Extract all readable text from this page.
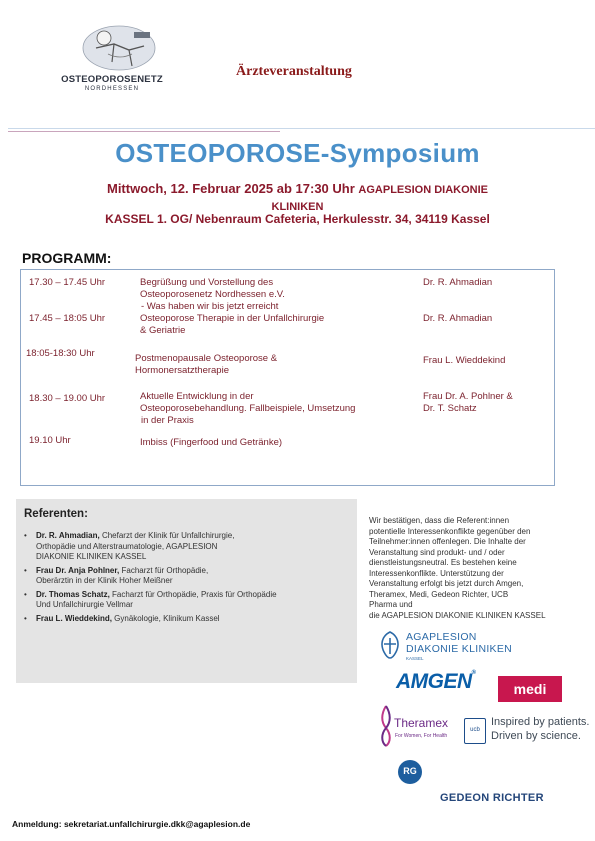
OSTEOPOROSENETZ
NORDHESSEN
Ärzteveranstaltung
OSTEOPOROSE-Symposium
Mittwoch, 12. Februar 2025 ab 17:30 Uhr AGAPLESION DIAKONIE
KLINIKEN
KASSEL 1. OG/ Nebenraum Cafeteria, Herkulesstr. 34, 34119 Kassel
PROGRAMM:
17.30 – 17.45 Uhr	Begrüßung und Vorstellung des
Osteoporosenetz Nordhessen e.V.
- Was haben wir bis jetzt erreicht
Dr. R. Ahmadian
17.45 – 18:05 Uhr	Osteoporose Therapie in der Unfallchirurgie
& Geriatrie
Dr. R. Ahmadian
18:05-18:30 Uhr	Postmenopausale Osteoporose &
Hormonersatztherapie
Frau L. Wieddekind
18.30 – 19.00 Uhr	Aktuelle Entwicklung in der
Osteoporosebehandlung. Fallbeispiele, Umsetzung
in der Praxis
Frau Dr. A. Pohlner &
Dr. T. Schatz
19.10 Uhr	Imbiss (Fingerfood und Getränke)
Referenten:
• Dr. R. Ahmadian, Chefarzt der Klinik für Unfallchirurgie,
Orthopädie und Alterstraumatologie, AGAPLESION
DIAKONIE KLINIKEN KASSEL
• Frau Dr. Anja Pohlner, Facharzt für Orthopädie,
Oberärztin in der Klinik Hoher Meißner
• Dr. Thomas Schatz, Facharzt für Orthopädie, Praxis für Orthopädie
Und Unfallchirurgie Vellmar
• Frau L. Wieddekind, Gynäkologie, Klinikum Kassel
Wir bestätigen, dass die Referent:innen
potentielle Interessenkonflikte gegenüber den
Teilnehmer:innen offenlegen. Die Inhalte der
Veranstaltung sind produkt- und / oder
dienstleistungsneutral. Es bestehen keine
Interessenkonflikte. Unterstützung der
Veranstaltung erfolgt bis jetzt durch Amgen,
Theramex, Medi, Gedeon Richter, UCB
Pharma und
die AGAPLESION DIAKONIE KLINIKEN KASSEL
AGAPLESION
DIAKONIE KLINIKEN
KASSEL
AMGEN®
medi
Theramex
For Women, For Health
ucb
Inspired by patients.
Driven by science.
RG
GEDEON RICHTER
Anmeldung: sekretariat.unfallchirurgie.dkk@agaplesion.de
